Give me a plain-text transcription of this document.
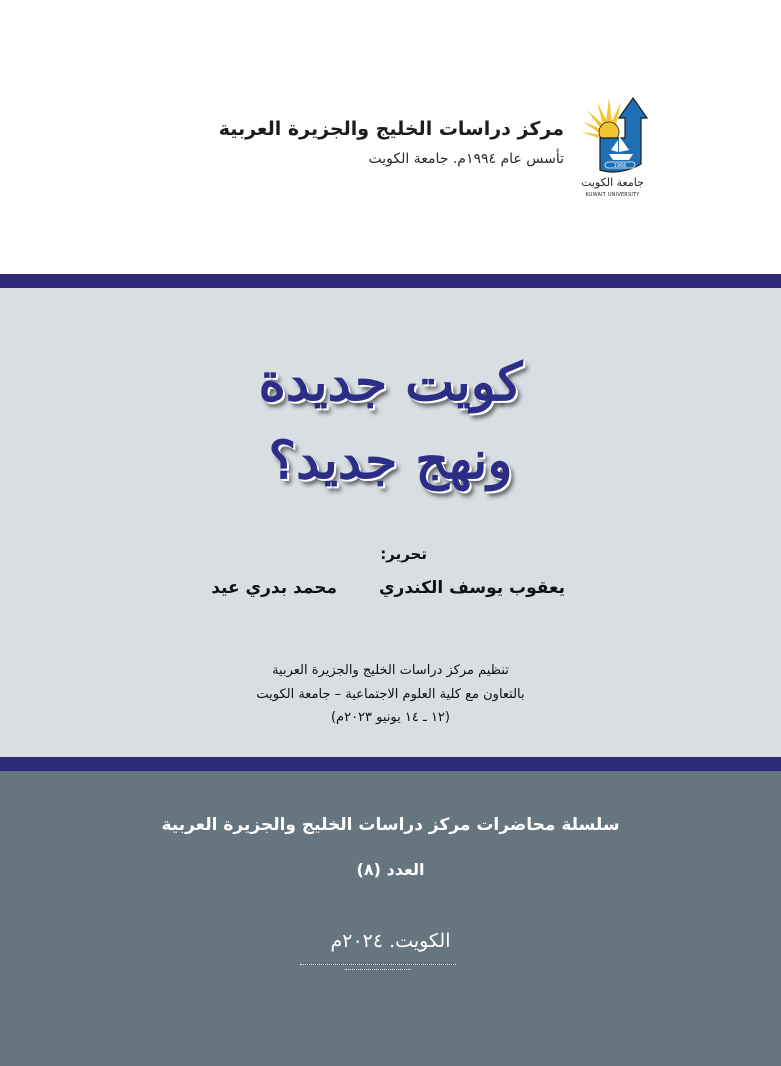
مركز دراسات الخليج والجزيرة العربية
تأسس عام ١٩٩٤م. جامعة الكويت	1966
جامعة الكويت
KUWAIT UNIVERSITY
كويت جديدة
ونهج جديد؟
تحرير:
يعقوب يوسف الكندري
محمد بدري عيد
تنظيم مركز دراسات الخليج والجزيرة العربية
بالتعاون مع كلية العلوم الاجتماعية – جامعة الكويت
(١٢ ـ ١٤ يونيو ٢٠٢٣م)
سلسلة محاضرات مركز دراسات الخليج والجزيرة العربية
العدد (٨)
الكويت. ٢٠٢٤م
